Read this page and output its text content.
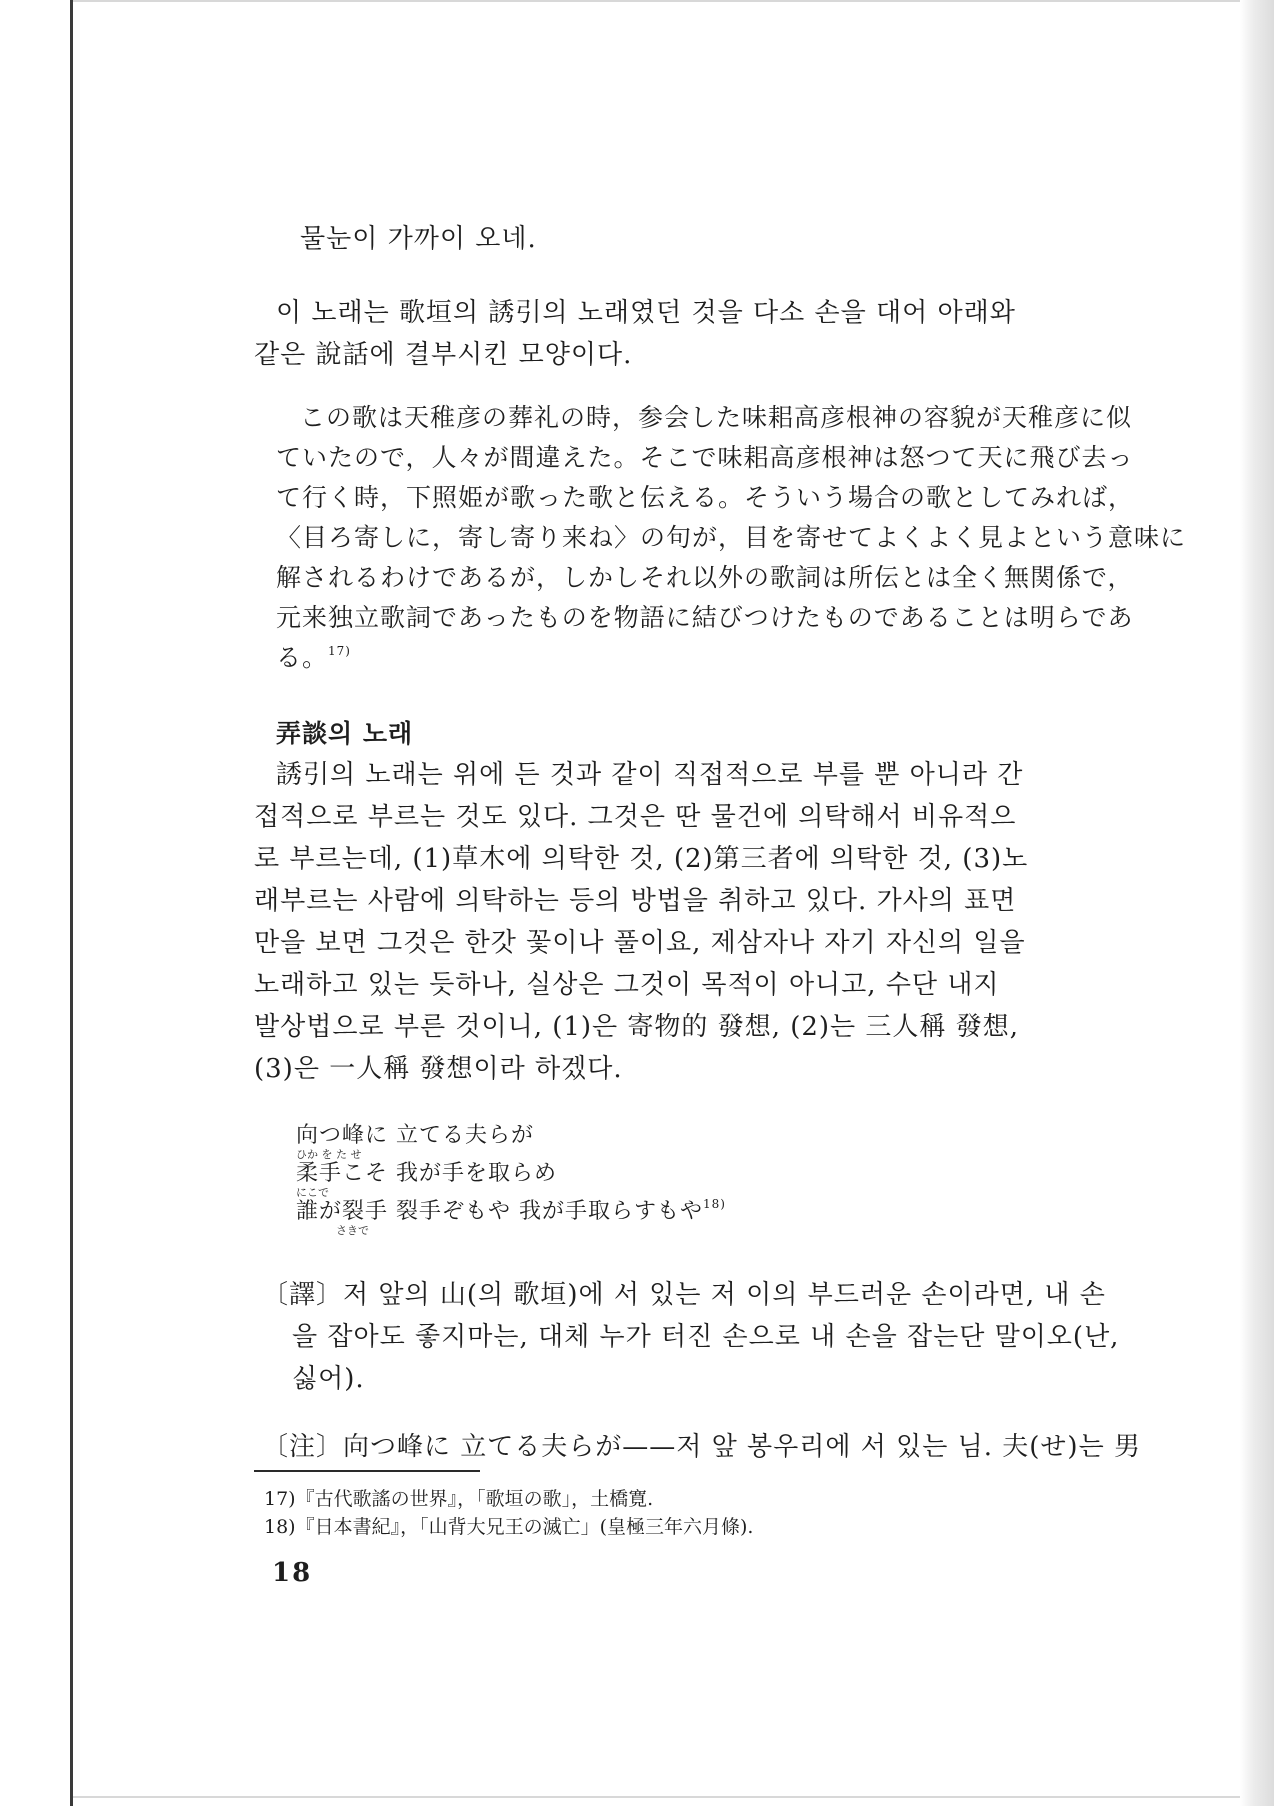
물눈이 가까이 오네.
이 노래는 歌垣의 誘引의 노래였던 것을 다소 손을 대어 아래와
같은 說話에 결부시킨 모양이다.
この歌は天稚彦の葬礼の時，参会した味耜高彦根神の容貌が天稚彦に似
ていたので，人々が間違えた。そこで味耜高彦根神は怒つて天に飛び去っ
て行く時，下照姫が歌った歌と伝える。そういう場合の歌としてみれば，
〈目ろ寄しに，寄し寄り来ね〉の句が，目を寄せてよくよく見よという意味に
解されるわけであるが，しかしそれ以外の歌詞は所伝とは全く無関係で，
元来独立歌詞であったものを物語に結びつけたものであることは明らであ
る。$^{17)}$
弄談의 노래
誘引의 노래는 위에 든 것과 같이 직접적으로 부를 뿐 아니라 간
접적으로 부르는 것도 있다. 그것은 딴 물건에 의탁해서 비유적으
로 부르는데, (1)草木에 의탁한 것, (2)第三者에 의탁한 것, (3)노
래부르는 사람에 의탁하는 등의 방법을 취하고 있다. 가사의 표면
만을 보면 그것은 한갓 꽃이나 풀이요, 제삼자나 자기 자신의 일을
노래하고 있는 듯하나, 실상은 그것이 목적이 아니고, 수단 내지
발상법으로 부른 것이니, (1)은 寄物的 發想, (2)는 三人稱 發想,
(3)은 一人稱 發想이라 하겠다.
向つ峰に 立てる夫らが
ひか を た せ
柔手こそ 我が手を取らめ
にこで
誰が裂手 裂手ぞもや 我が手取らすもや$^{18)}$
さきで
〔譯〕저 앞의 山(의 歌垣)에 서 있는 저 이의 부드러운 손이라면, 내 손
을 잡아도 좋지마는, 대체 누가 터진 손으로 내 손을 잡는단 말이오(난,
싫어).
〔注〕向つ峰に 立てる夫らが——저 앞 봉우리에 서 있는 님. 夫(せ)는 男
17)『古代歌謠の世界』，「歌垣の歌」，土橋寛.
18)『日本書紀』，「山背大兄王の滅亡」(皇極三年六月條).
18
